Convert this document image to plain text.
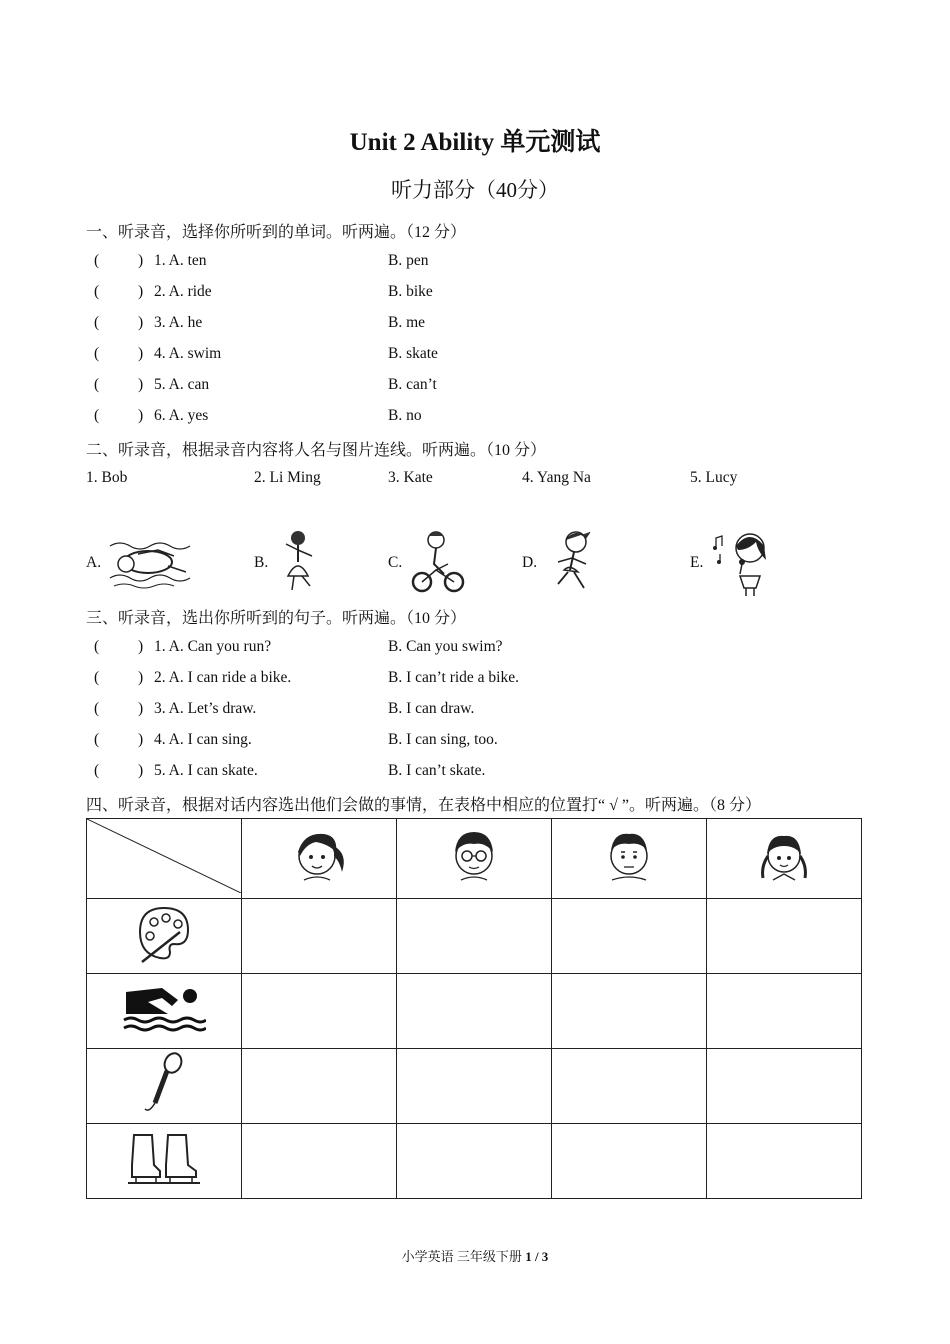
Unit 2 Ability 单元测试
听力部分（40分）
一、听录音，选择你所听到的单词。听两遍。（12 分）
(	) 1. A. ten	B. pen
(	) 2. A. ride	B. bike
(	) 3. A. he	B. me
(	) 4. A. swim	B. skate
(	) 5. A. can	B. can’t
(	) 6. A. yes	B. no
二、听录音，根据录音内容将人名与图片连线。听两遍。（10 分）
1. Bob	2. Li Ming	3. Kate	4. Yang Na	5. Lucy
A.	B.	C.	D.	E.
三、听录音，选出你所听到的句子。听两遍。（10 分）
(	) 1. A. Can you run?	B. Can you swim?
(	) 2. A. I can ride a bike.	B. I can’t ride a bike.
(	) 3. A. Let’s draw.	B. I can draw.
(	) 4. A. I can sing.	B. I can sing, too.
(	) 5. A. I can skate.	B. I can’t skate.
四、听录音，根据对话内容选出他们会做的事情，在表格中相应的位置打“ √ ”。听两遍。（8 分）

小学英语 三年级下册 1 / 3
